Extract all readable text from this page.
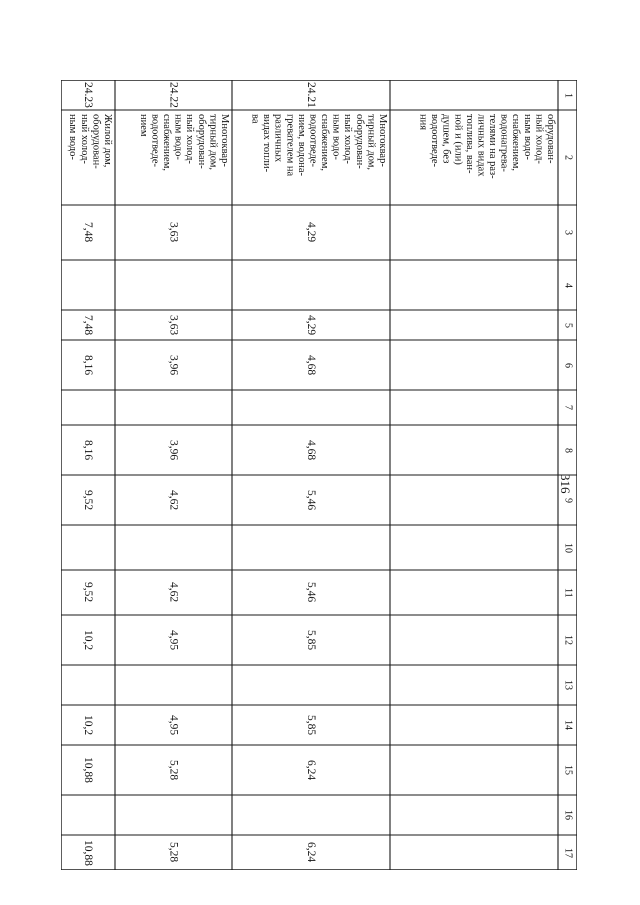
316
1
2
3
4
5
6
7
8
9
10
11
12
13
14
15
16
17
обрудован-
ный холод-
ным водо-
снабжением,
водонагрева-
телями на раз-
личных видах
топлива, ван-
ной и (или)
душем, без
водоотведе-
ния
24.21
Многоквар-
тирный дом,
оборудован-
ный холод-
ным водо-
снабжением,
водоотведе-
нием, водона-
гревателем на
различных
видах топли-
ва
4,29
4,29
4,68
4,68
5,46
5,46
5,85
5,85
6,24
6,24
24.22
Многоквар-
тирный дом,
оборудован-
ный холод-
ным водо-
снабжением,
водоотведе-
нием
3,63
3,63
3,96
3,96
4,62
4,62
4,95
4,95
5,28
5,28
24.23
Жилой дом,
оборудован-
ный холод-
ным водо-
7,48
7,48
8,16
8,16
9,52
9,52
10,2
10,2
10,88
10,88
